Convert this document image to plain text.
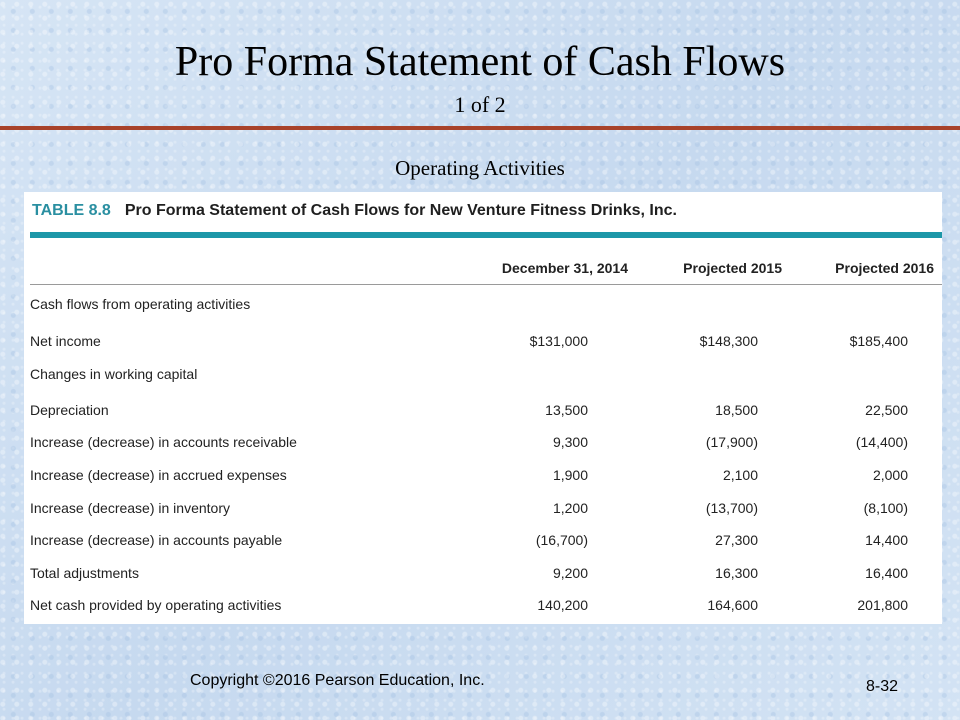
Pro Forma Statement of Cash Flows
1 of 2
Operating Activities
TABLE 8.8 Pro Forma Statement of Cash Flows for New Venture Fitness Drinks, Inc.
December 31, 2014	Projected 2015	Projected 2016
Cash flows from operating activities
Net income	$131,000	$148,300	$185,400
Changes in working capital
Depreciation	13,500	18,500	22,500
Increase (decrease) in accounts receivable	9,300	(17,900)	(14,400)
Increase (decrease) in accrued expenses	1,900	2,100	2,000
Increase (decrease) in inventory	1,200	(13,700)	(8,100)
Increase (decrease) in accounts payable	(16,700)	27,300	14,400
Total adjustments	9,200	16,300	16,400
Net cash provided by operating activities	140,200	164,600	201,800
Copyright ©2016 Pearson Education, Inc.	8-32
